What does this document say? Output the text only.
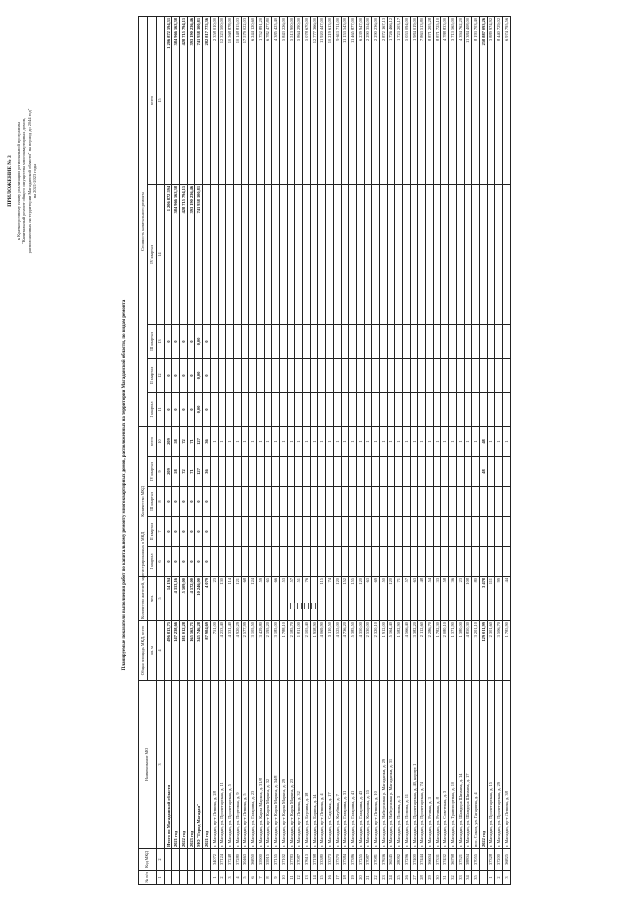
ПРИЛОЖЕНИЕ № 3 к Краткосрочному плану реализации региональной программы "Капитальный ремонт общего имущества многоквартирных домов, расположенных на территории Магаданской области" на период до 2044 год" на 2021-2023 годы
Планируемые показатели выполнения работ по капитальному ремонту многоквартирных домов, расположенных на территории Магаданской области, по видам ремонта
№ п/п	Код МКД	Наименование МО	Общая площадь МКД, всего	Количество жителей, зарегистрированных в МКД	Количество МКД					Стоимость капитального ремонта				
			кв. м	чел.	I квартал	II квартал	III квартал	IV квартал	всего	I квартал	II квартал	III квартал	IV квартал	всего
1	2	3	4	5	6	7	8	9	10	11	12	13	14	15
		Итого по Магаданской области	496 813,75	14 194	0	0	0	209	209	0	0	0	1 206 872 594	1 206 872 594,31
		2021 год	147 238,66	4 353,16	0	0	0	58	58	0	0	0	384 966 563,38	384 966 563,38
		2022 год	181 012,28	5 509,00	0	0	0	72	72	0	0	0	428 715 794,15	428 715 794,15
		2023 год	165 563,71	4 572,00	0	0	0	71	71	0	0	0	393 190 236,46	393 190 236,46
		МО "Город Магадан"	345 746,28	10 246,00	0	0	0	127	127	0,00	0,00	0,00	741 938 100,81	741 938 100,81
		2021 год	87 984,69	4 079	0	0	0	36	36	0	0	0		282 817 775,36
1	34072	г. Магадан, пр-т Ленина, д. 28	751,00	23					1					2 358 010,00
2	37124	г. Магадан, ул. Пролетарская, д. 11	4 253,40	130					1					12 323 500,00
3	37248	г. Магадан, ул. Пролетарская, д. 5	4 331,40	114					1					10 568 878,00
4	37280	г. Магадан, ул. Портовая, д. 9	4 920,29	121					1					10 148 815,03
5	30463	г. Магадан, пр-т Ленина, д. 5	2 577,99	68					1					17 579 022,03
6	36850	г. Магадан, ул. Гагарина, д. 23	3 105,50	124					1					6 244 120,60
7	35900	г. Магадан, ул. Карла Маркса, д. 31/8	3 429,80	59					1					1 752 891,20
8	35915	г. Магадан, пр-т Карла Маркса, д. 32	2 195,20	65					1					6 782 477,80
9	37155	г. Магадан, пр-т Карла Маркса, д. 34/8	3 185,00	66					1					4 385 425,40
10	37102	г. Магадан, пр-т Карла Маркса, д. 29	1 788,10	53					1					5 843 226,00
11	37783	г. Магадан, пр-т Карла Маркса, д. 23	2 185,70	57					1					5 513 900,00
12	37087	г. Магадан, пр-т Ленина, д. 32	1 811,00	51					1					5 864 290,00
13	37613	г. Магадан, ул. Берзина, д. 18	2 105,40	76					1					5 078 670,00
14	37198	г. Магадан, ул. Бориса, д. 14	1 958,90						1					12 777 366,00
15	33380	г. Магадан, пр-т Ленина, д. 4	4 069,90	115					1					11 920 447,00
16	33373	г. Магадан, ул. Садовая, д. 17	3 110,50	74					1					10 219 613,00
17	37370	г. Магадан, ул. Клубная, д. 7	4 525,00	120					1					9 611 711,00
18	37384	г. Магадан, ул. Гагарина, д. 31	4 736,20	152					1					11 153 543,00
19	37386	г. Магадан, ул. Гагарина, д. 41	5 385,50	155					1					11 465 877,00
20	37255	г. Магадан, ул. Гагарина, д. 43	4 350,00	120					1					6 239 947,00
21	37087	г. Магадан, ул. Комарова, д. 15	2 530,00	63					1					2 290 354,00
22	37081	г. Магадан, пр-т Ленина, д. 10	2 320,10	69					1					2 290 236,00
23	37636	г. Магадан, ул. Набережная р. Магаданки, д. 29	1 912,00	50					1					2 872 167,13
24	36545	г. Магадан, ул. Набережная р. Магаданки, д. 31	5 164,40	120					1					1 726 466,12
25	28092	г. Магадан, ул. Попова, д. 3	1 582,90	71					1					1 723 203,17
26	37296	г. Магадан, ул. Попова, д. 11	4 566,40	57					1					5 053 094,00
27	37400	г. Магадан, ул. Пролетарская, д. 40, корпус 1	3 382,20	63					1					1 984 019,00
28	37444	г. Магадан, ул. Пролетарская, д. 74	2 112,60	48					1					7 863 513,80
29	36604	г. Магадан, ул. Речная, д. 3	2 286,70	54					1					8 871 205,28
30	37331	г. Магадан, ул. Речная, д. 8	1 782,30	33					1					8 871 725,10
31	37432	г. Магадан, ул. Советская, д. 3	2 080,10	58					1					4 788 833,00
32	36798	г. Магадан, ул. Транспортная, д. 10	1 371,90	36					1					3 713 565,00
33	37521	г. Магадан, ул. Шандора Шимана, д. 14	1 380,00	23					1					4 394 762,20
34	38804	г. Магадан, ул. Шандора Шимана, д. 17	4 850,30	108					1					11 384 408,00
35	37055	пос. Сокол, ул. Гагарина, д. 4	3 201,10	80					1					8 193 703,40
		2022 год	129 011,99	3 478				48	48					258 887 093,26
1	37328	г. Магадан, ул. Пролетарская, д. 15	2 301,60	111					1					3 889 974,92
2	37200	г. Магадан, ул. Пролетарская, д. 29	3 506,70	99					1					8 440 729,02
3	36825	г. Магадан, пр-т Ленина, д. 38	1 785,90	44					1					6 974 795,56
